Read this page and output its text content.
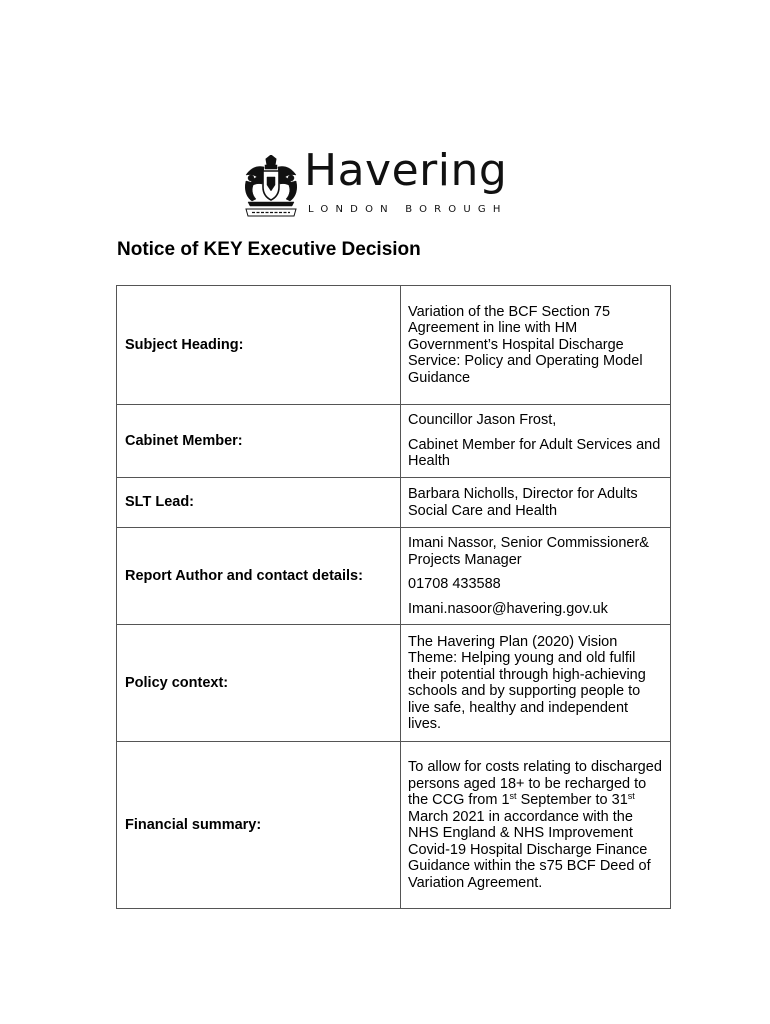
Havering
LONDON BOROUGH
Notice of KEY Executive Decision
Subject Heading:	Variation of the BCF Section 75 Agreement in line with HM Government’s Hospital Discharge Service: Policy and Operating Model Guidance

Cabinet Member:	Councillor Jason Frost,

Cabinet Member for Adult Services and Health

SLT Lead:	Barbara Nicholls, Director for Adults Social Care and Health

Report Author and contact details:	Imani Nassor, Senior Commissioner& Projects Manager

01708 433588

Imani.nasoor@havering.gov.uk

Policy context:	The Havering Plan (2020) Vision Theme: Helping young and old fulfil their potential through high-achieving schools and by supporting people to live safe, healthy and independent lives.

Financial summary:	To allow for costs relating to discharged persons aged 18+ to be recharged to the CCG from 1st September to 31st March 2021 in accordance with the NHS England & NHS Improvement Covid-19 Hospital Discharge Finance Guidance within the s75 BCF Deed of Variation Agreement.
